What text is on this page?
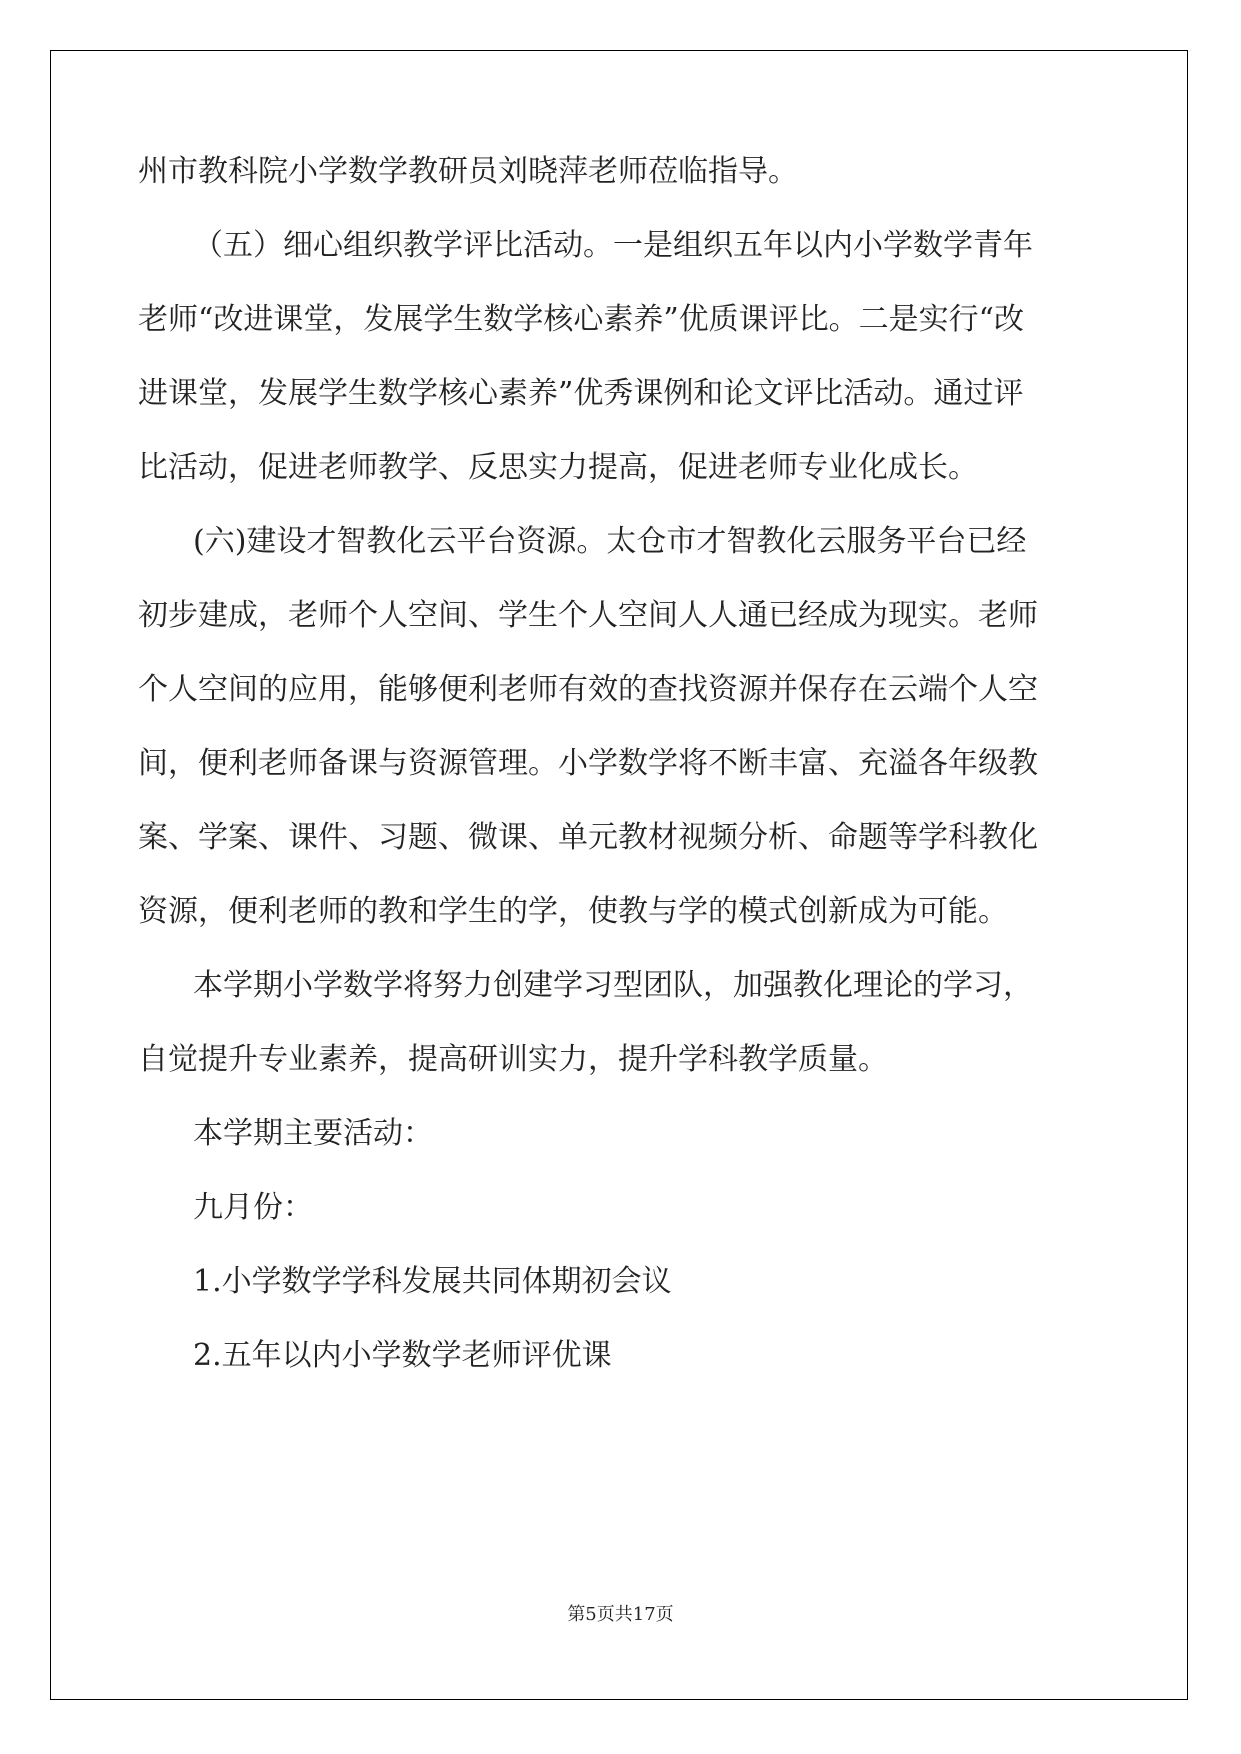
州市教科院小学数学教研员刘晓萍老师莅临指导。

（五）细心组织教学评比活动。一是组织五年以内小学数学青年

老师“改进课堂，发展学生数学核心素养”优质课评比。二是实行“改

进课堂，发展学生数学核心素养”优秀课例和论文评比活动。通过评

比活动，促进老师教学、反思实力提高，促进老师专业化成长。

(六)建设才智教化云平台资源。太仓市才智教化云服务平台已经

初步建成，老师个人空间、学生个人空间人人通已经成为现实。老师

个人空间的应用，能够便利老师有效的查找资源并保存在云端个人空

间，便利老师备课与资源管理。小学数学将不断丰富、充溢各年级教

案、学案、课件、习题、微课、单元教材视频分析、命题等学科教化

资源，便利老师的教和学生的学，使教与学的模式创新成为可能。

本学期小学数学将努力创建学习型团队，加强教化理论的学习，

自觉提升专业素养，提高研训实力，提升学科教学质量。

本学期主要活动：

九月份：

1.小学数学学科发展共同体期初会议

2.五年以内小学数学老师评优课

第5页共17页
